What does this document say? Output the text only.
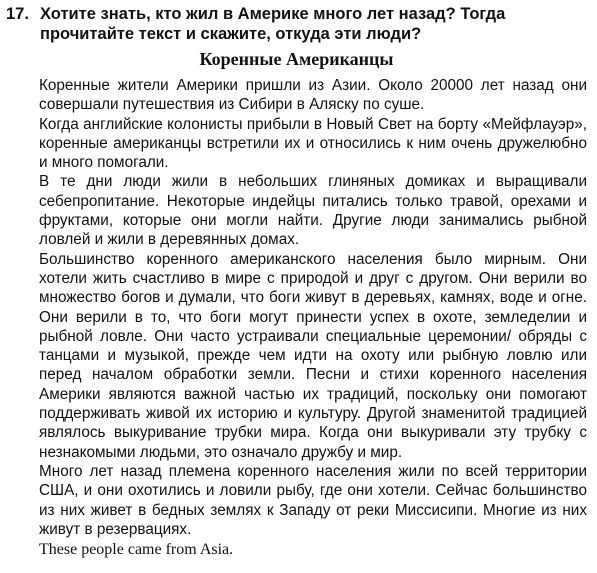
17. Хотите знать, кто жил в Америке много лет назад? Тогда прочитайте текст и скажите, откуда эти люди?
Коренные Американцы

Коренные жители Америки пришли из Азии. Около 20000 лет назад они совершали путешествия из Сибири в Аляску по суше.

Когда английские колонисты прибыли в Новый Свет на борту «Мейфлауэр», коренные американцы встретили их и относились к ним очень дружелюбно и много помогали.

В те дни люди жили в небольших глиняных домиках и выращивали себепропитание. Некоторые индейцы питались только травой, орехами и фруктами, которые они могли найти. Другие люди занимались рыбной ловлей и жили в деревянных домах.

Большинство коренного американского населения было мирным. Они хотели жить счастливо в мире с природой и друг с другом. Они верили во множество богов и думали, что боги живут в деревьях, камнях, воде и огне. Они верили в то, что боги могут принести успех в охоте, земледелии и рыбной ловле. Они часто устраивали специальные церемонии/ обряды с танцами и музыкой, прежде чем идти на охоту или рыбную ловлю или перед началом обработки земли. Песни и стихи коренного населения Америки являются важной частью их традиций, поскольку они помогают поддерживать живой их историю и культуру. Другой знаменитой традицией являлось выкуривание трубки мира. Когда они выкуривали эту трубку с незнакомыми людьми, это означало дружбу и мир.

Много лет назад племена коренного населения жили по всей территории США, и они охотились и ловили рыбу, где они хотели. Сейчас большинство из них живет в бедных землях к Западу от реки Миссисипи. Многие из них живут в резервациях.

These people came from Asia.
